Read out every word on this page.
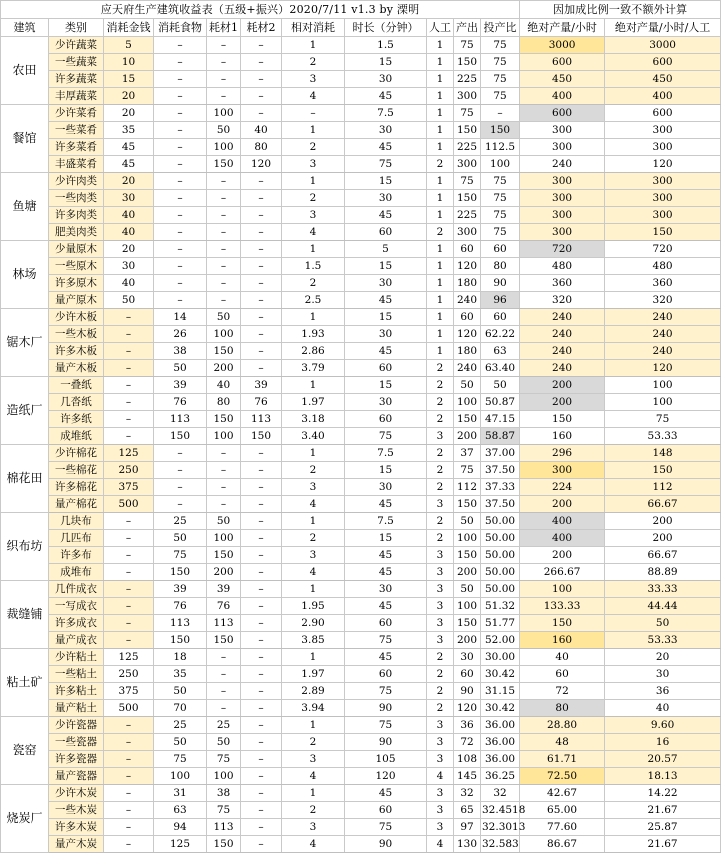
应天府生产建筑收益表（五级+振兴）2020/7/11 v1.3 by 溧明											因加成比例一致不额外计算	
建筑	类别	消耗金钱	消耗食物	耗材1	耗材2	相对消耗	时长（分钟）	人工	产出	投产比	绝对产量/小时	绝对产量/小时/人工
农田	少许蔬菜	5	–	–	–	1	1.5	1	75	75	3000	3000
	一些蔬菜	10	–	–	–	2	15	1	150	75	600	600
	许多蔬菜	15	–	–	–	3	30	1	225	75	450	450
	丰厚蔬菜	20	–	–	–	4	45	1	300	75	400	400
餐馆	少许菜肴	20	–	100	–	–	7.5	1	75	–	600	600
	一些菜肴	35	–	50	40	1	30	1	150	150	300	300
	许多菜肴	45	–	100	80	2	45	1	225	112.5	300	300
	丰盛菜肴	45	–	150	120	3	75	2	300	100	240	120
鱼塘	少许肉类	20	–	–	–	1	15	1	75	75	300	300
	一些肉类	30	–	–	–	2	30	1	150	75	300	300
	许多肉类	40	–	–	–	3	45	1	225	75	300	300
	肥美肉类	40	–	–	–	4	60	2	300	75	300	150
林场	少量原木	20	–	–	–	1	5	1	60	60	720	720
	一些原木	30	–	–	–	1.5	15	1	120	80	480	480
	许多原木	40	–	–	–	2	30	1	180	90	360	360
	量产原木	50	–	–	–	2.5	45	1	240	96	320	320
锯木厂	少许木板	–	14	50	–	1	15	1	60	60	240	240
	一些木板	–	26	100	–	1.93	30	1	120	62.22	240	240
	许多木板	–	38	150	–	2.86	45	1	180	63	240	240
	量产木板	–	50	200	–	3.79	60	2	240	63.40	240	120
造纸厂	一叠纸	–	39	40	39	1	15	2	50	50	200	100
	几沓纸	–	76	80	76	1.97	30	2	100	50.87	200	100
	许多纸	–	113	150	113	3.18	60	2	150	47.15	150	75
	成堆纸	–	150	100	150	3.40	75	3	200	58.87	160	53.33
棉花田	少许棉花	125	–	–	–	1	7.5	2	37	37.00	296	148
	一些棉花	250	–	–	–	2	15	2	75	37.50	300	150
	许多棉花	375	–	–	–	3	30	2	112	37.33	224	112
	量产棉花	500	–	–	–	4	45	3	150	37.50	200	66.67
织布坊	几块布	–	25	50	–	1	7.5	2	50	50.00	400	200
	几匹布	–	50	100	–	2	15	2	100	50.00	400	200
	许多布	–	75	150	–	3	45	3	150	50.00	200	66.67
	成堆布	–	150	200	–	4	45	3	200	50.00	266.67	88.89
裁缝铺	几件成衣	–	39	39	–	1	30	3	50	50.00	100	33.33
	一写成衣	–	76	76	–	1.95	45	3	100	51.32	133.33	44.44
	许多成衣	–	113	113	–	2.90	60	3	150	51.77	150	50
	量产成衣	–	150	150	–	3.85	75	3	200	52.00	160	53.33
粘土矿	少许粘土	125	18	–	–	1	45	2	30	30.00	40	20
	一些粘土	250	35	–	–	1.97	60	2	60	30.42	60	30
	许多粘土	375	50	–	–	2.89	75	2	90	31.15	72	36
	量产粘土	500	70	–	–	3.94	90	2	120	30.42	80	40
瓷窑	少许瓷器	–	25	25	–	1	75	3	36	36.00	28.80	9.60
	一些瓷器	–	50	50	–	2	90	3	72	36.00	48	16
	许多瓷器	–	75	75	–	3	105	3	108	36.00	61.71	20.57
	量产瓷器	–	100	100	–	4	120	4	145	36.25	72.50	18.13
烧炭厂	少许木炭	–	31	38	–	1	45	3	32	32	42.67	14.22
	一些木炭	–	63	75	–	2	60	3	65	32.4518	65.00	21.67
	许多木炭	–	94	113	–	3	75	3	97	32.3013	77.60	25.87
	量产木炭	–	125	150	–	4	90	4	130	32.583	86.67	21.67
